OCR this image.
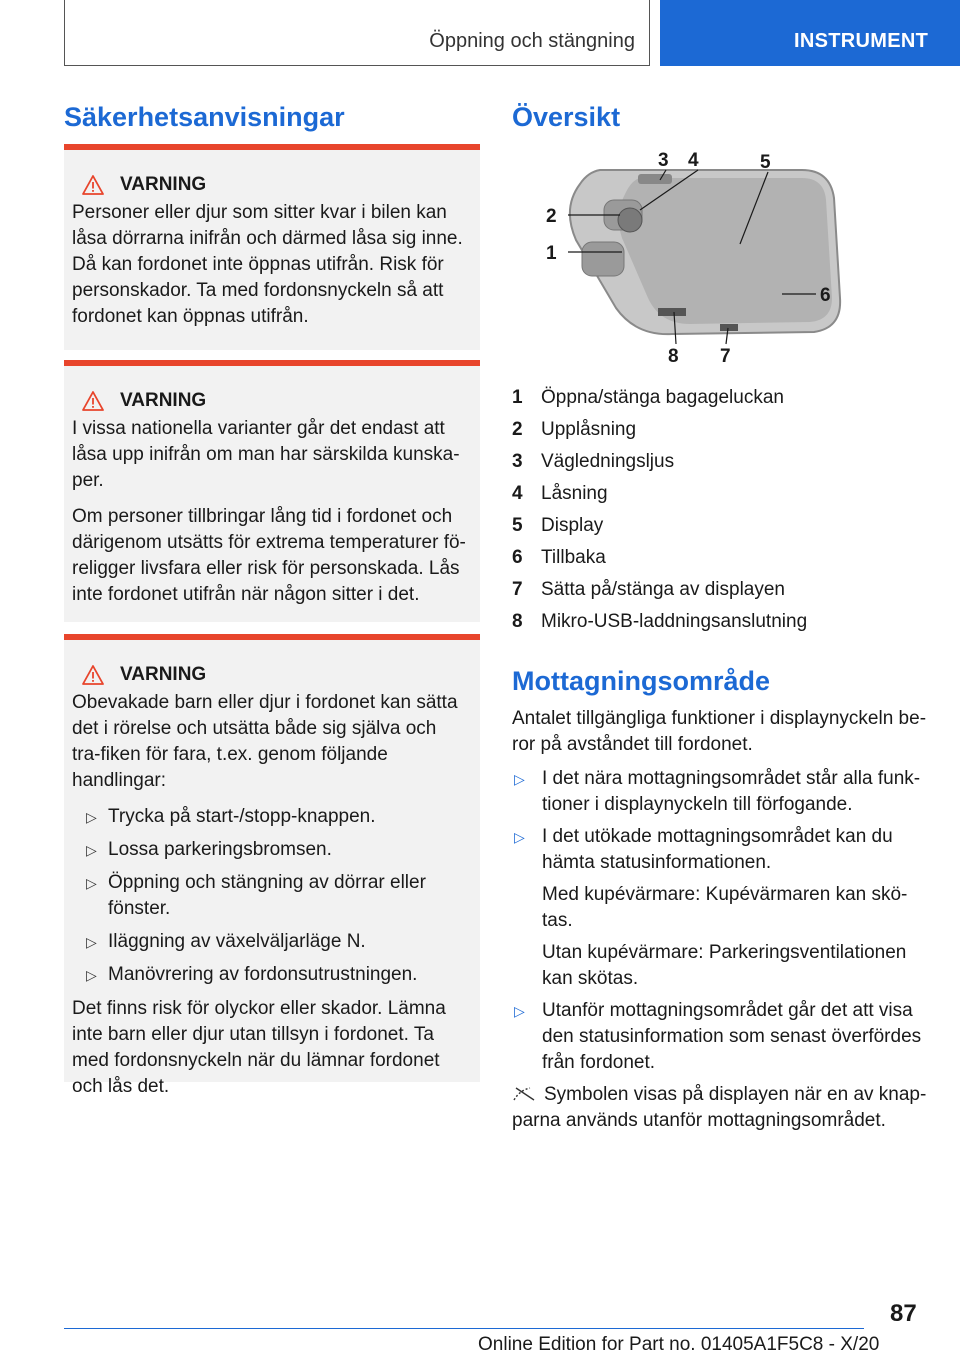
Öppning och stängning	INSTRUMENT
Säkerhetsanvisningar
VARNING

Personer eller djur som sitter kvar i bilen kan låsa dörrarna inifrån och därmed låsa sig inne. Då kan fordonet inte öppnas utifrån. Risk för personskador. Ta med fordonsnyckeln så att fordonet kan öppnas utifrån.

VARNING

I vissa nationella varianter går det endast att låsa upp inifrån om man har särskilda kunska-per.

Om personer tillbringar lång tid i fordonet och därigenom utsätts för extrema temperaturer fö-religger livsfara eller risk för personskada. Lås inte fordonet utifrån när någon sitter i det.

VARNING

Obevakade barn eller djur i fordonet kan sätta det i rörelse och utsätta både sig själva och tra-fiken för fara, t.ex. genom följande handlingar:

▷ Trycka på start-/stopp-knappen.
▷ Lossa parkeringsbromsen.
▷ Öppning och stängning av dörrar eller fönster.
▷ Iläggning av växelväljarläge N.
▷ Manövrering av fordonsutrustningen.

Det finns risk för olyckor eller skador. Lämna inte barn eller djur utan tillsyn i fordonet. Ta med fordonsnyckeln när du lämnar fordonet och lås det.

Översikt
1
2
3 4	5
6
7
8
1 Öppna/stänga bagageluckan
2 Upplåsning
3 Vägledningsljus
4 Låsning
5 Display
6 Tillbaka
7 Sätta på/stänga av displayen
8 Mikro-USB-laddningsanslutning
Mottagningsområde

Antalet tillgängliga funktioner i displaynyckeln be-ror på avståndet till fordonet.

▷ I det nära mottagningsområdet står alla funk-tioner i displaynyckeln till förfogande.
▷ I det utökade mottagningsområdet kan du hämta statusinformationen.
Med kupévärmare: Kupévärmaren kan skö-tas.
Utan kupévärmare: Parkeringsventilationen kan skötas.
▷ Utanför mottagningsområdet går det att visa den statusinformation som senast överfördes från fordonet.

Symbolen visas på displayen när en av knap-parna används utanför mottagningsområdet.

87
Online Edition for Part no. 01405A1F5C8 - X/20
